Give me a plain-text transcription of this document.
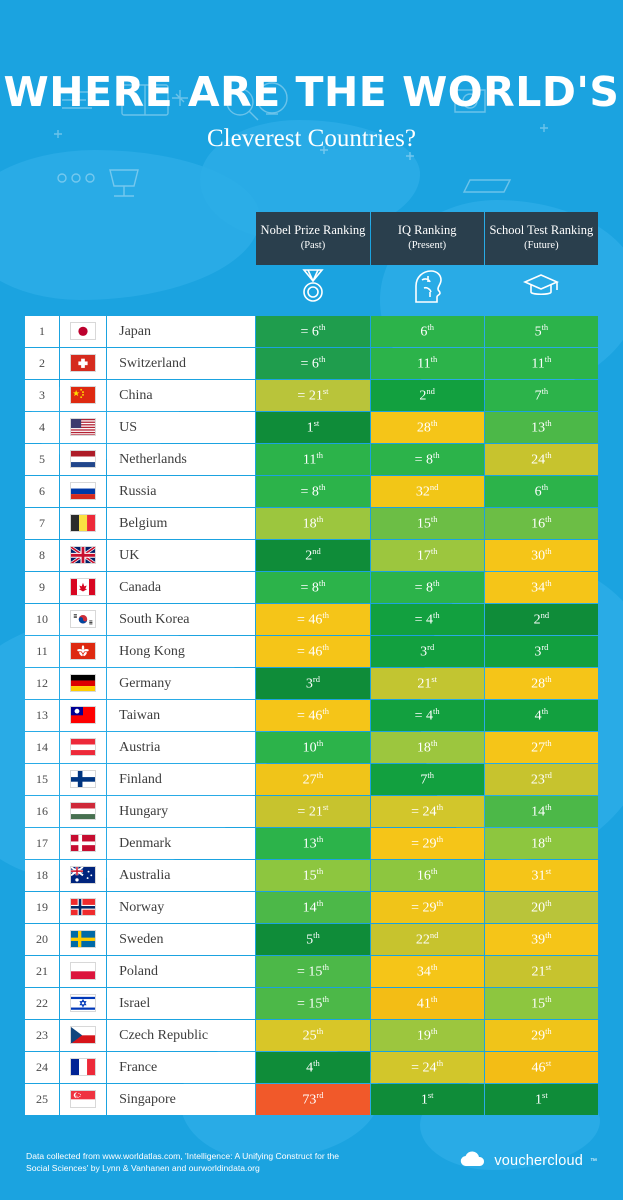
WHERE ARE THE WORLD'S
Cleverest Countries?

Nobel Prize Ranking
(Past)

IQ Ranking
(Present)

School Test Ranking
(Future)

1		Japan	= 6th	6th	5th
2		Switzerland	= 6th	11th	11th
3		China	= 21st	2nd	7th
4		US	1st	28th	13th
5		Netherlands	11th	= 8th	24th
6		Russia	= 8th	32nd	6th
7		Belgium	18th	15th	16th
8		UK	2nd	17th	30th
9		Canada	= 8th	= 8th	34th
10		South Korea	= 46th	= 4th	2nd
11		Hong Kong	= 46th	3rd	3rd
12		Germany	3rd	21st	28th
13		Taiwan	= 46th	= 4th	4th
14		Austria	10th	18th	27th
15		Finland	27th	7th	23rd
16		Hungary	= 21st	= 24th	14th
17		Denmark	13th	= 29th	18th
18		Australia	15th	16th	31st
19		Norway	14th	= 29th	20th
20		Sweden	5th	22nd	39th
21		Poland	= 15th	34th	21st
22		Israel	= 15th	41th	15th
23		Czech Republic	25th	19th	29th
24		France	4th	= 24th	46st
25		Singapore	73rd	1st	1st
Data collected from www.worldatlas.com, 'Intelligence: A Unifying Construct for the Social Sciences' by Lynn & Vanhanen and ourworldindata.org	vouchercloud ™
